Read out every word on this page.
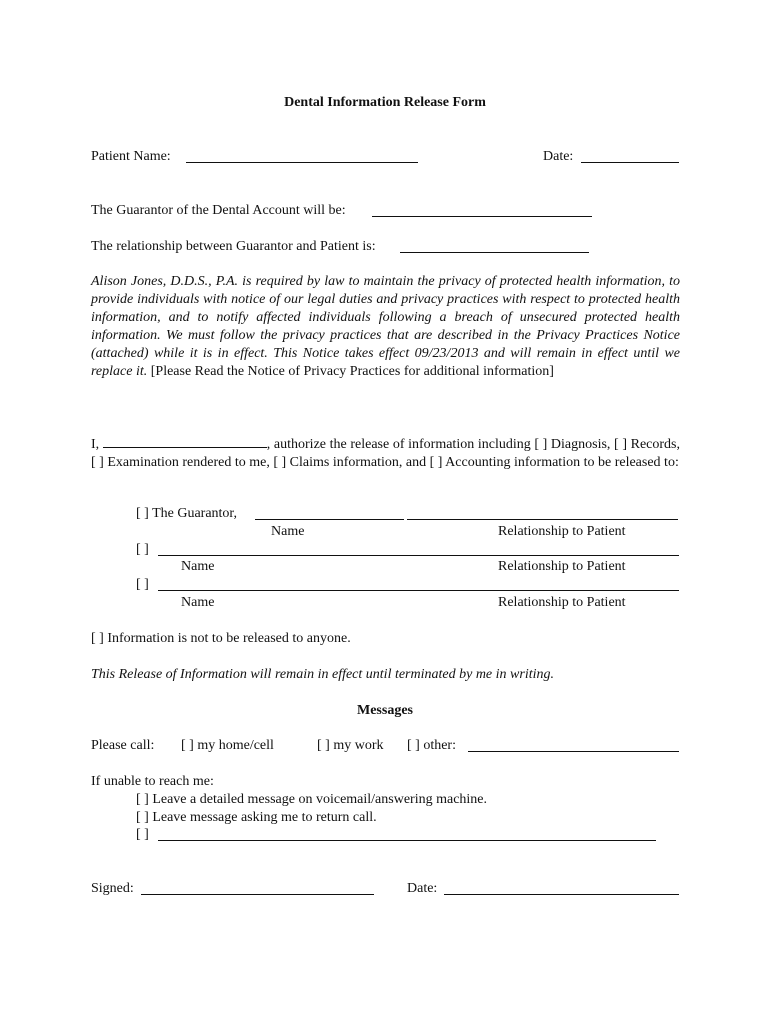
Dental Information Release Form
Patient Name:	Date:
The Guarantor of the Dental Account will be:
The relationship between Guarantor and Patient is:
Alison Jones, D.D.S., P.A. is required by law to maintain the privacy of protected health information, to provide individuals with notice of our legal duties and privacy practices with respect to protected health information, and to notify affected individuals following a breach of unsecured protected health information. We must follow the privacy practices that are described in the Privacy Practices Notice (attached) while it is in effect. This Notice takes effect 09/23/2013 and will remain in effect until we replace it. [Please Read the Notice of Privacy Practices for additional information]
I,	, authorize the release of information including [ ] Diagnosis, [ ] Records, [ ] Examination rendered to me, [ ] Claims information, and [ ] Accounting information to be released to:
[ ] The Guarantor,
Name	Relationship to Patient
[ ]
Name	Relationship to Patient
[ ]
Name	Relationship to Patient
[ ] Information is not to be released to anyone.
This Release of Information will remain in effect until terminated by me in writing.
Messages
Please call: [ ] my home/cell	[ ] my work [ ] other:
If unable to reach me:
[ ] Leave a detailed message on voicemail/answering machine.
[ ] Leave message asking me to return call.
[ ]
Signed:	Date:
